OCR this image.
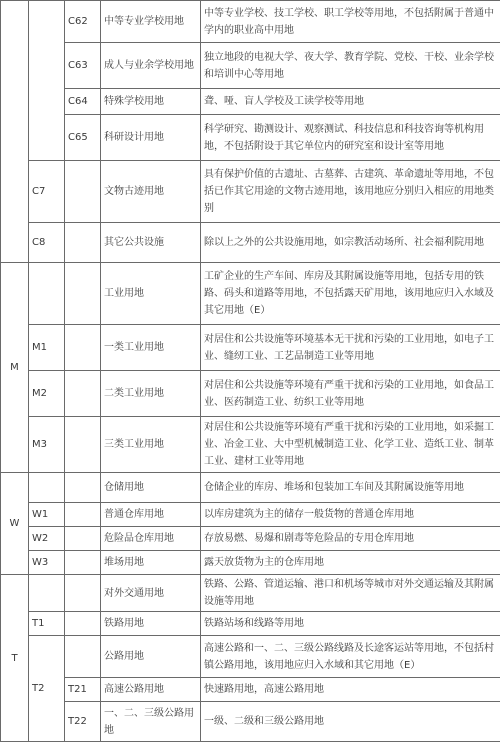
		C62	中等专业学校用地	中等专业学校、技工学校、职工学校等用地，不包括附属于普通中学内的职业高中用地
		C63	成人与业余学校用地	独立地段的电视大学、夜大学、教育学院、党校、干校、业余学校和培训中心等用地
		C64	特殊学校用地	聋、哑、盲人学校及工读学校等用地
		C65	科研设计用地	科学研究、勘测设计、观察测试、科技信息和科技咨询等机构用地，不包括附设于其它单位内的研究室和设计室等用地
	C7		文物古迹用地	具有保护价值的古遗址、古墓葬、古建筑、革命遗址等用地，不包括已作其它用途的文物古迹用地，该用地应分别归入相应的用地类别
	C8		其它公共设施	除以上之外的公共设施用地，如宗教活动场所、社会福利院用地
M			工业用地	工矿企业的生产车间、库房及其附属设施等用地，包括专用的铁路、码头和道路等用地，不包括露天矿用地，该用地应归入水域及其它用地（E）
	M1		一类工业用地	对居住和公共设施等环境基本无干扰和污染的工业用地，如电子工业、缝纫工业、工艺品制造工业等用地
	M2		二类工业用地	对居住和公共设施等环境有严重干扰和污染的工业用地，如食品工业、医药制造工业、纺织工业等用地
	M3		三类工业用地	对居住和公共设施等环境有严重干扰和污染的工业用地，如采掘工业、冶金工业、大中型机械制造工业、化学工业、造纸工业、制革工业、建材工业等用地
W			仓储用地	仓储企业的库房、堆场和包装加工车间及其附属设施等用地
	W1		普通仓库用地	以库房建筑为主的储存一般货物的普通仓库用地
	W2		危险品仓库用地	存放易燃、易爆和剧毒等危险品的专用仓库用地
	W3		堆场用地	露天放货物为主的仓库用地
T			对外交通用地	铁路、公路、管道运输、港口和机场等城市对外交通运输及其附属设施等用地
	T1		铁路用地	铁路站场和线路等用地
	T2		公路用地	高速公路和一、二、三级公路线路及长途客运站等用地，不包括村镇公路用地，该用地应归入水域和其它用地（E）
		T21	高速公路用地	快速路用地，高速公路用地
		T22	一、二、三级公路用地	一级、二级和三级公路用地
